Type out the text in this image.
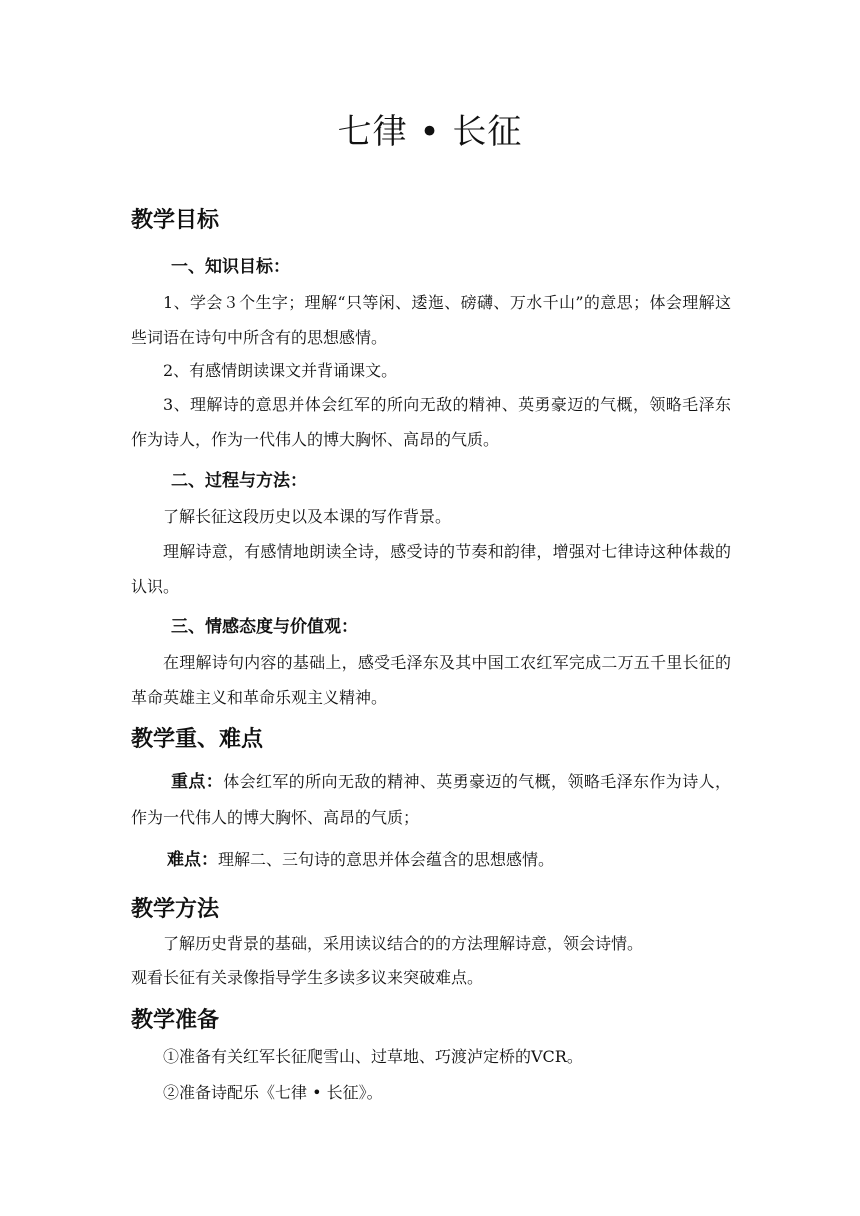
七律 • 长征
教学目标
一、知识目标：
1、学会３个生字；理解“只等闲、逶迤、磅礴、万水千山”的意思；体会理解这些词语在诗句中所含有的思想感情。
2、有感情朗读课文并背诵课文。
3、理解诗的意思并体会红军的所向无敌的精神、英勇豪迈的气概，领略毛泽东作为诗人，作为一代伟人的博大胸怀、高昂的气质。
二、过程与方法：
了解长征这段历史以及本课的写作背景。
理解诗意，有感情地朗读全诗，感受诗的节奏和韵律，增强对七律诗这种体裁的认识。
三、情感态度与价值观：
在理解诗句内容的基础上，感受毛泽东及其中国工农红军完成二万五千里长征的革命英雄主义和革命乐观主义精神。
教学重、难点
重点：体会红军的所向无敌的精神、英勇豪迈的气概，领略毛泽东作为诗人，作为一代伟人的博大胸怀、高昂的气质；
难点：理解二、三句诗的意思并体会蕴含的思想感情。
教学方法
了解历史背景的基础，采用读议结合的的方法理解诗意，领会诗情。
观看长征有关录像指导学生多读多议来突破难点。
教学准备
①准备有关红军长征爬雪山、过草地、巧渡泸定桥的VCR。
②准备诗配乐《七律 • 长征》。
